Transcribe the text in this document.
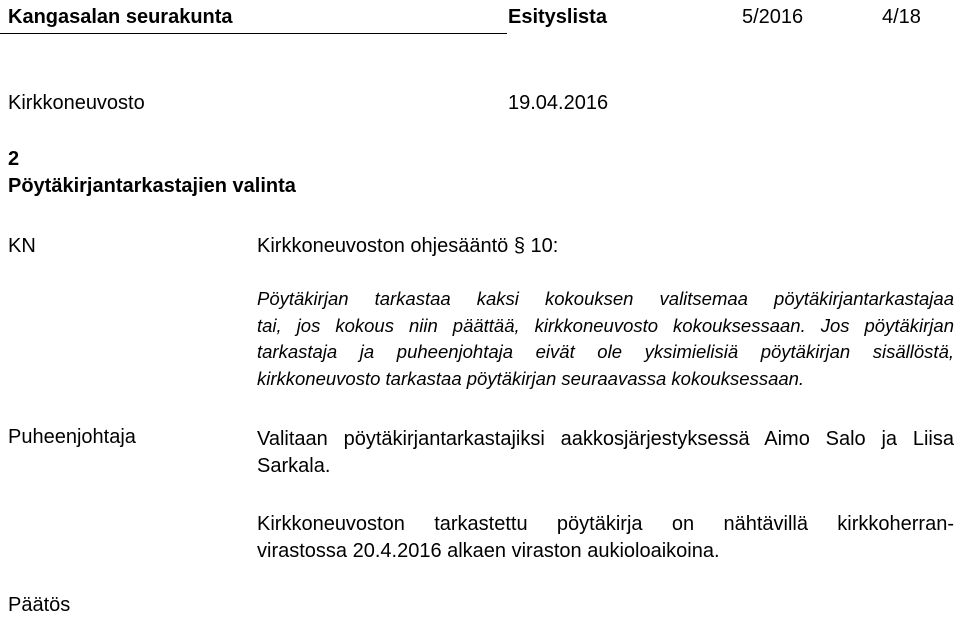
Kangasalan seurakunta	Esityslista	5/2016	4/18
Kirkkoneuvosto	19.04.2016
2
Pöytäkirjantarkastajien valinta
KN	Kirkkoneuvoston ohjesääntö § 10:
Pöytäkirjan tarkastaa kaksi kokouksen valitsemaa pöytäkirjantarkastajaa
tai, jos kokous niin päättää, kirkkoneuvosto kokouksessaan. Jos pöytäkirjan
tarkastaja ja puheenjohtaja eivät ole yksimielisiä pöytäkirjan sisällöstä,
kirkkoneuvosto tarkastaa pöytäkirjan seuraavassa kokouksessaan.
Puheenjohtaja	Valitaan pöytäkirjantarkastajiksi aakkosjärjestyksessä Aimo Salo ja Liisa
Sarkala.
Kirkkoneuvoston tarkastettu pöytäkirja on nähtävillä kirkkoherran-
virastossa 20.4.2016 alkaen viraston aukioloaikoina.
Päätös
